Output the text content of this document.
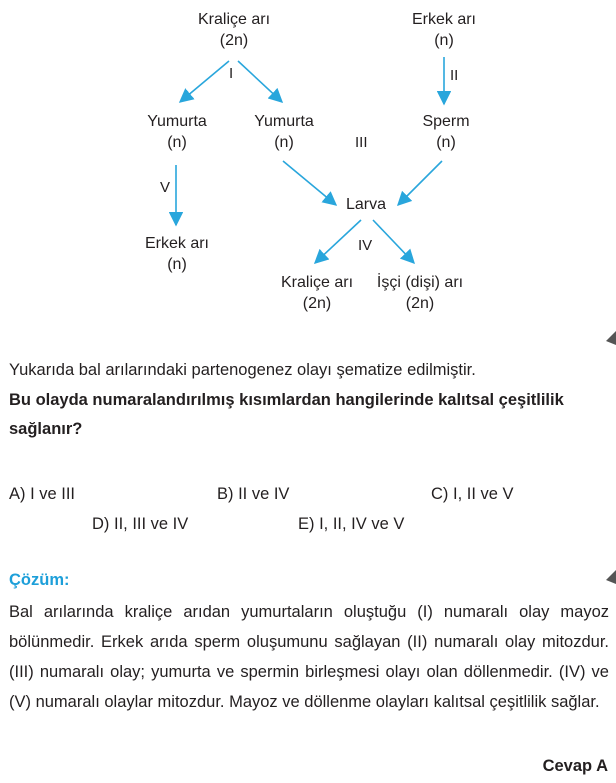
Kraliçe arı
(2n)
Erkek arı
(n)
Yumurta
(n)
Yumurta
(n)
Sperm
(n)
Erkek arı
(n)
Larva
Kraliçe arı
(2n)
İşçi (dişi) arı
(2n)
I	II
III
IV
V
Yukarıda bal arılarındaki partenogenez olayı şematize edilmiştir.
Bu olayda numaralandırılmış kısımlardan hangilerinde kalıtsal çeşitlilik sağlanır?
A) I ve III	B) II ve IV	C) I, II ve V
D) II, III ve IV	E) I, II, IV ve V
Çözüm:
Bal arılarında kraliçe arıdan yumurtaların oluştuğu (I) numaralı olay mayoz bölünmedir. Erkek arıda sperm oluşumunu sağlayan (II) numaralı olay mitozdur. (III) numaralı olay; yumurta ve spermin birleşmesi olayı olan döllenmedir. (IV) ve (V) numaralı olaylar mitozdur. Mayoz ve döllenme olayları kalıtsal çeşitlilik sağlar.
Cevap A
